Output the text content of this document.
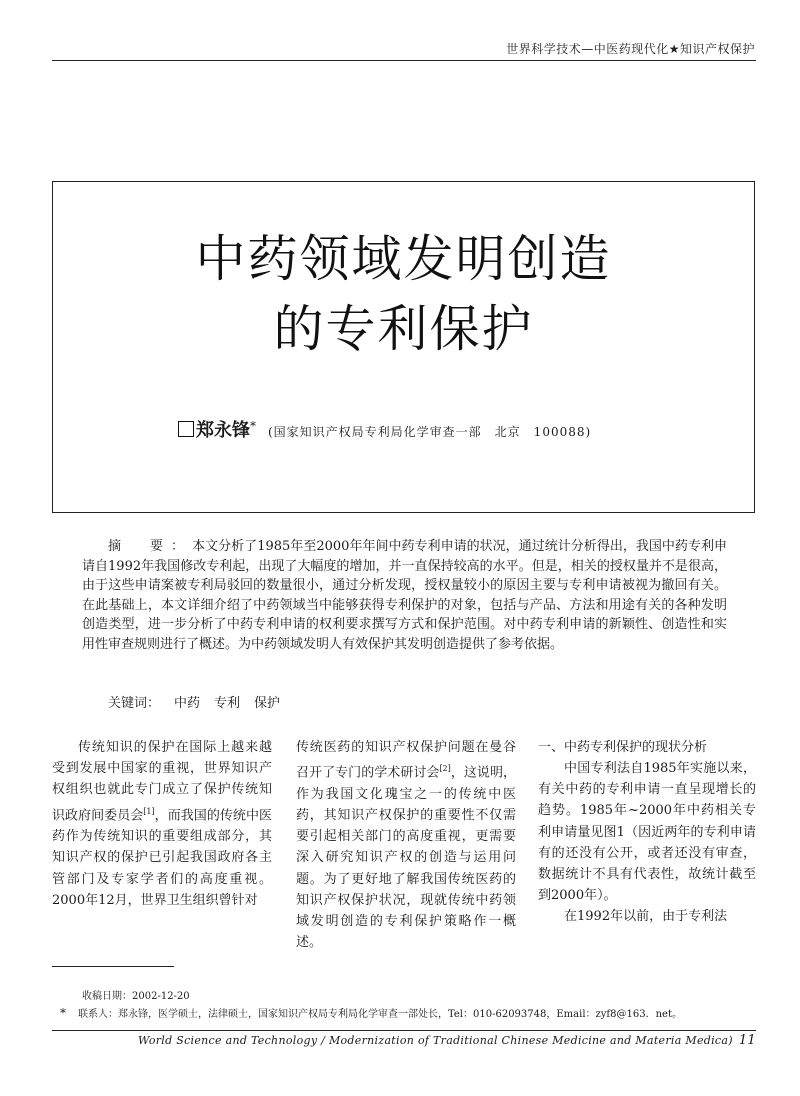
世界科学技术—中医药现代化★知识产权保护
中药领域发明创造
的专利保护
郑永锋* (国家知识产权局专利局化学审查一部　北京　100088)

摘　要：本文分析了1985年至2000年年间中药专利申请的状况，通过统计分析得出，我国中药专利申请自1992年我国修改专利起，出现了大幅度的增加，并一直保持较高的水平。但是，相关的授权量并不是很高，由于这些申请案被专利局驳回的数量很小，通过分析发现，授权量较小的原因主要与专利申请被视为撤回有关。在此基础上，本文详细介绍了中药领域当中能够获得专利保护的对象，包括与产品、方法和用途有关的各种发明创造类型，进一步分析了中药专利申请的权利要求撰写方式和保护范围。对中药专利申请的新颖性、创造性和实用性审查规则进行了概述。为中药领域发明人有效保护其发明创造提供了参考依据。

关键词： 中药 专利 保护

传统知识的保护在国际上越来越受到发展中国家的重视，世界知识产权组织也就此专门成立了保护传统知识政府间委员会[1]，而我国的传统中医药作为传统知识的重要组成部分，其知识产权的保护已引起我国政府各主管部门及专家学者们的高度重视。2000年12月，世界卫生组织曾针对

传统医药的知识产权保护问题在曼谷召开了专门的学术研讨会[2]，这说明，作为我国文化瑰宝之一的传统中医药，其知识产权保护的重要性不仅需要引起相关部门的高度重视，更需要深入研究知识产权的创造与运用问题。为了更好地了解我国传统医药的知识产权保护状况，现就传统中药领域发明创造的专利保护策略作一概述。

一、中药专利保护的现状分析

中国专利法自1985年实施以来，有关中药的专利申请一直呈现增长的趋势。1985年~2000年中药相关专利申请量见图1（因近两年的专利申请有的还没有公开，或者还没有审查，数据统计不具有代表性，故统计截至到2000年）。

在1992年以前，由于专利法

收稿日期：2002-12-20
* 联系人：郑永锋，医学硕士，法律硕士，国家知识产权局专利局化学审查一部处长，Tel：010-62093748，Email：zyf8@163．net。
World Science and Technology / Modernization of Traditional Chinese Medicine and Materia Medica) 11
